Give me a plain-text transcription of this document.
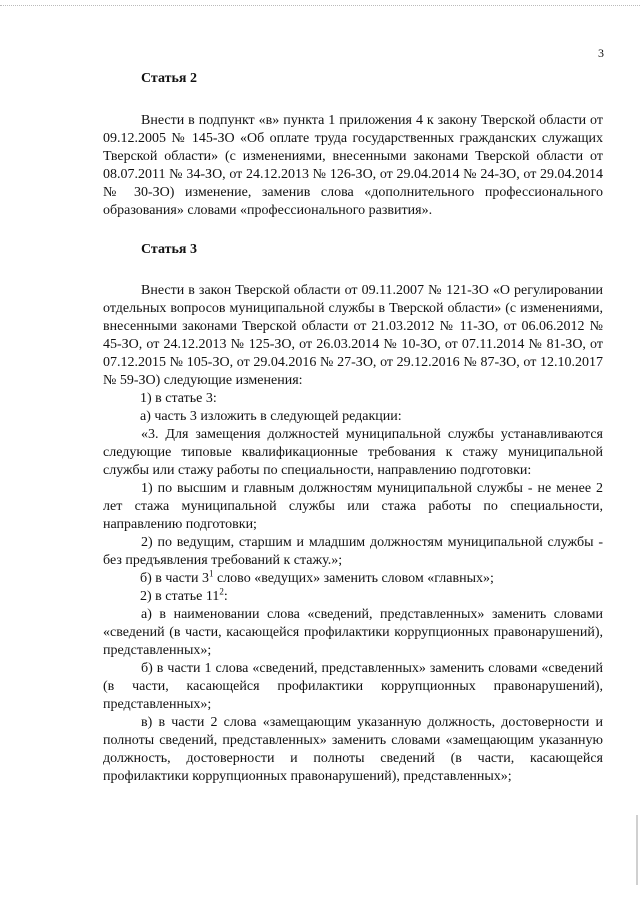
3
Статья 2

Внести в подпункт «в» пункта 1 приложения 4 к закону Тверской области от 09.12.2005 № 145-ЗО «Об оплате труда государственных гражданских служащих Тверской области» (с изменениями, внесенными законами Тверской области от 08.07.2011 № 34-ЗО, от 24.12.2013 № 126-ЗО, от 29.04.2014 № 24-ЗО, от 29.04.2014 № 30-ЗО) изменение, заменив слова «дополнительного профессионального образования» словами «профессионального развития».

Статья 3

Внести в закон Тверской области от 09.11.2007 № 121-ЗО «О регулировании отдельных вопросов муниципальной службы в Тверской области» (с изменениями, внесенными законами Тверской области от 21.03.2012 № 11-ЗО, от 06.06.2012 № 45-ЗО, от 24.12.2013 № 125-ЗО, от 26.03.2014 № 10-ЗО, от 07.11.2014 № 81-ЗО, от 07.12.2015 № 105-ЗО, от 29.04.2016 № 27-ЗО, от 29.12.2016 № 87-ЗО, от 12.10.2017 № 59-ЗО) следующие изменения:

1) в статье 3:

а) часть 3 изложить в следующей редакции:

«3. Для замещения должностей муниципальной службы устанавливаются следующие типовые квалификационные требования к стажу муниципальной службы или стажу работы по специальности, направлению подготовки:

1) по высшим и главным должностям муниципальной службы - не менее 2 лет стажа муниципальной службы или стажа работы по специальности, направлению подготовки;

2) по ведущим, старшим и младшим должностям муниципальной службы - без предъявления требований к стажу.»;

б) в части $3^1$ слово «ведущих» заменить словом «главных»;

2) в статье $11^2$:

а) в наименовании слова «сведений, представленных» заменить словами «сведений (в части, касающейся профилактики коррупционных правонарушений), представленных»;

б) в части 1 слова «сведений, представленных» заменить словами «сведений (в части, касающейся профилактики коррупционных правонарушений), представленных»;

в) в части 2 слова «замещающим указанную должность, достоверности и полноты сведений, представленных» заменить словами «замещающим указанную должность, достоверности и полноты сведений (в части, касающейся профилактики коррупционных правонарушений), представленных»;
